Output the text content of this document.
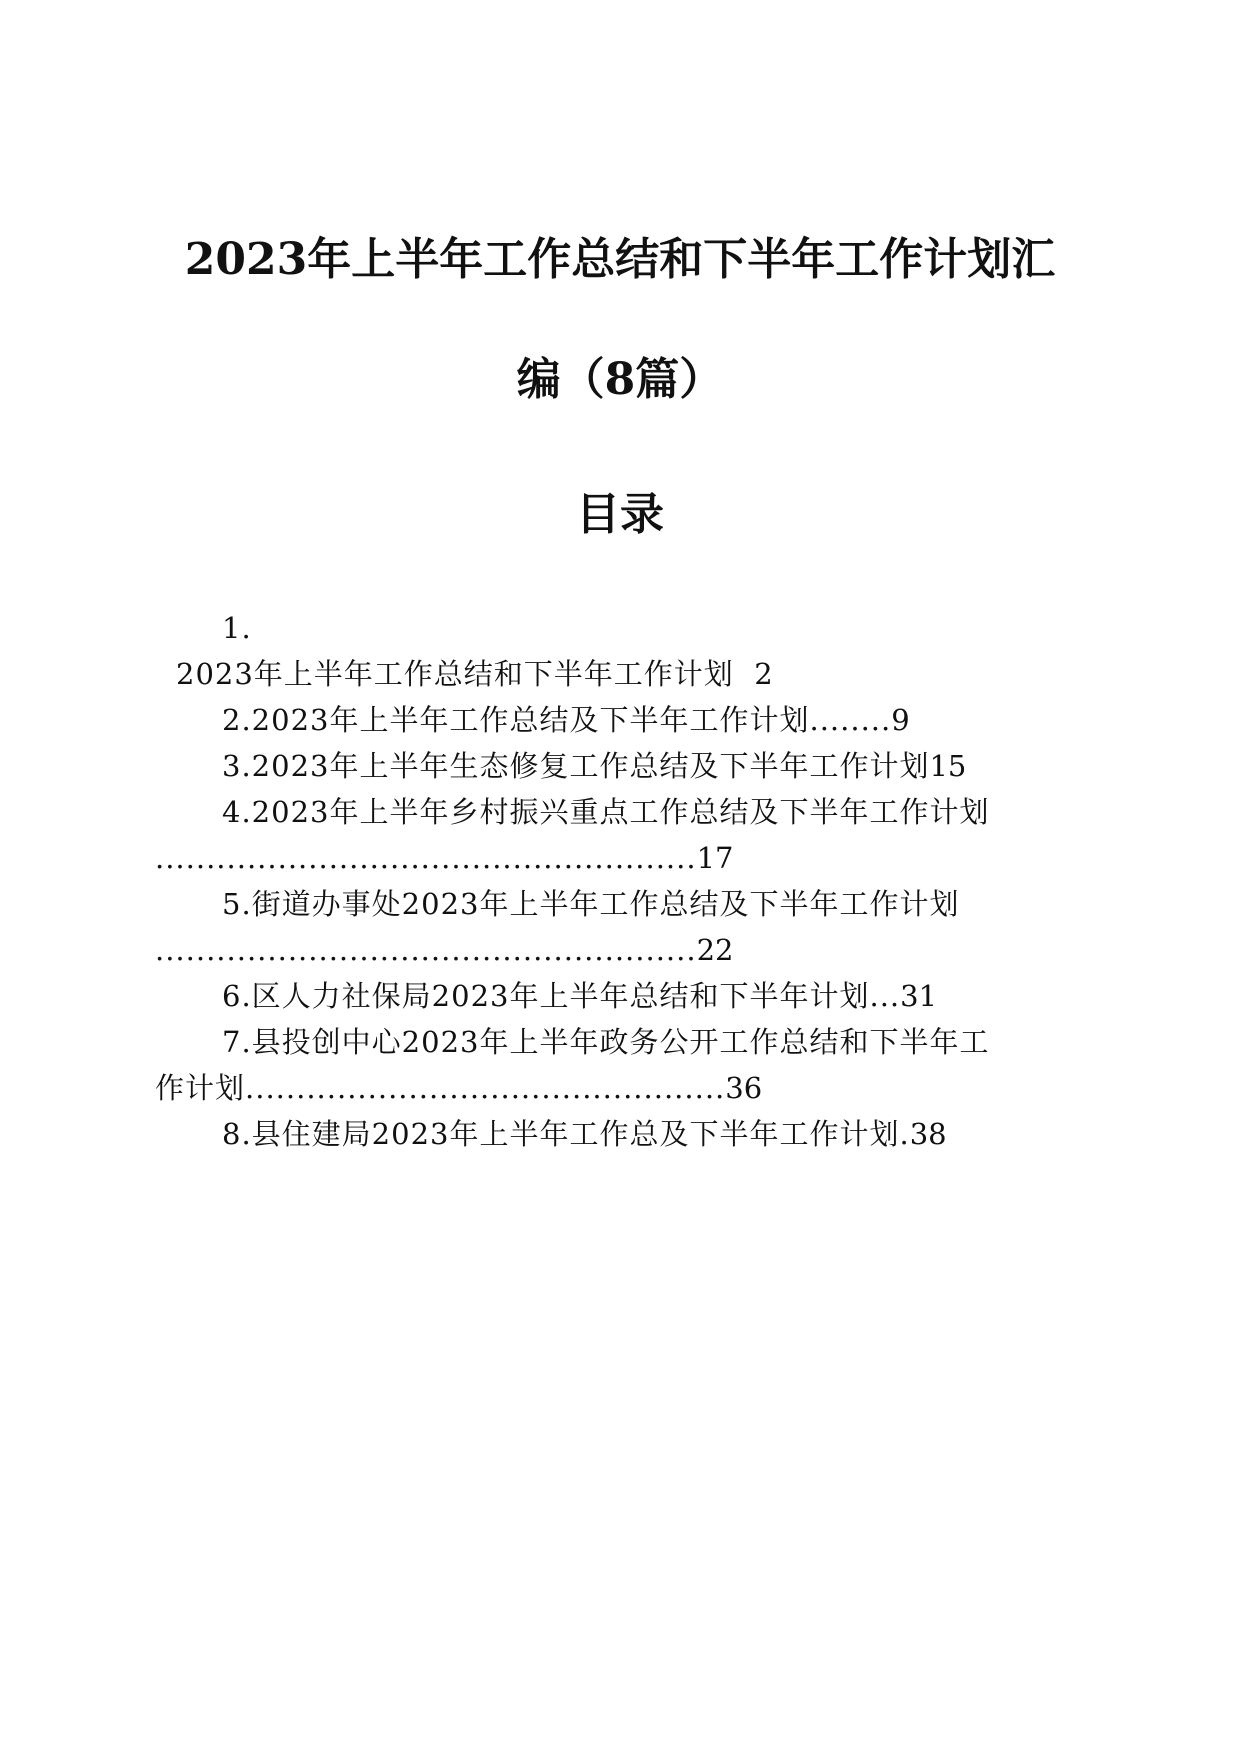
2023年上半年工作总结和下半年工作计划汇
编（8篇）
目录
1.
2023年上半年工作总结和下半年工作计划 2
2.2023年上半年工作总结及下半年工作计划........9
3.2023年上半年生态修复工作总结及下半年工作计划15
4.2023年上半年乡村振兴重点工作总结及下半年工作计划
.....................................................17
5.街道办事处2023年上半年工作总结及下半年工作计划
.....................................................22
6.区人力社保局2023年上半年总结和下半年计划...31
7.县投创中心2023年上半年政务公开工作总结和下半年工
作计划...............................................36
8.县住建局2023年上半年工作总及下半年工作计划.38
